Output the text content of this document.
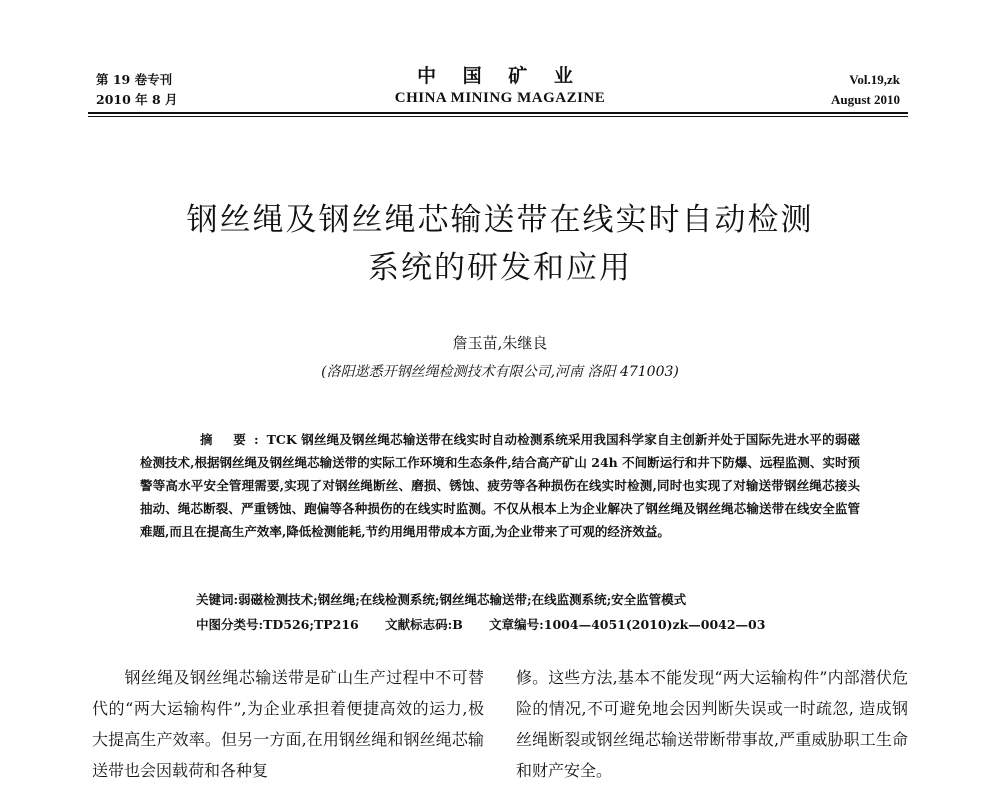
第 19 卷专刊
2010 年 8 月
中 国 矿 业
CHINA MINING MAGAZINE
Vol.19,zk
August 2010
钢丝绳及钢丝绳芯输送带在线实时自动检测
系统的研发和应用
詹玉苗,朱继良
(洛阳逖悉开钢丝绳检测技术有限公司,河南 洛阳 471003)
摘 要:TCK 钢丝绳及钢丝绳芯输送带在线实时自动检测系统采用我国科学家自主创新并处于国际先进水平的弱磁检测技术,根据钢丝绳及钢丝绳芯输送带的实际工作环境和生态条件,结合高产矿山 24h 不间断运行和井下防爆、远程监测、实时预警等高水平安全管理需要,实现了对钢丝绳断丝、磨损、锈蚀、疲劳等各种损伤在线实时检测,同时也实现了对输送带钢丝绳芯接头抽动、绳芯断裂、严重锈蚀、跑偏等各种损伤的在线实时监测。不仅从根本上为企业解决了钢丝绳及钢丝绳芯输送带在线安全监管难题,而且在提高生产效率,降低检测能耗,节约用绳用带成本方面,为企业带来了可观的经济效益。
关键词:弱磁检测技术;钢丝绳;在线检测系统;钢丝绳芯输送带;在线监测系统;安全监管模式
中图分类号:TD526;TP216 文献标志码:B 文章编号:1004—4051(2010)zk—0042—03
钢丝绳及钢丝绳芯输送带是矿山生产过程中不可替代的“两大运输构件”,为企业承担着便捷高效的运力,极大提高生产效率。但另一方面,在用钢丝绳和钢丝绳芯输送带也会因载荷和各种复
修。这些方法,基本不能发现“两大运输构件”内部潜伏危险的情况,不可避免地会因判断失误或一时疏忽, 造成钢丝绳断裂或钢丝绳芯输送带断带事故,严重威胁职工生命和财产安全。
